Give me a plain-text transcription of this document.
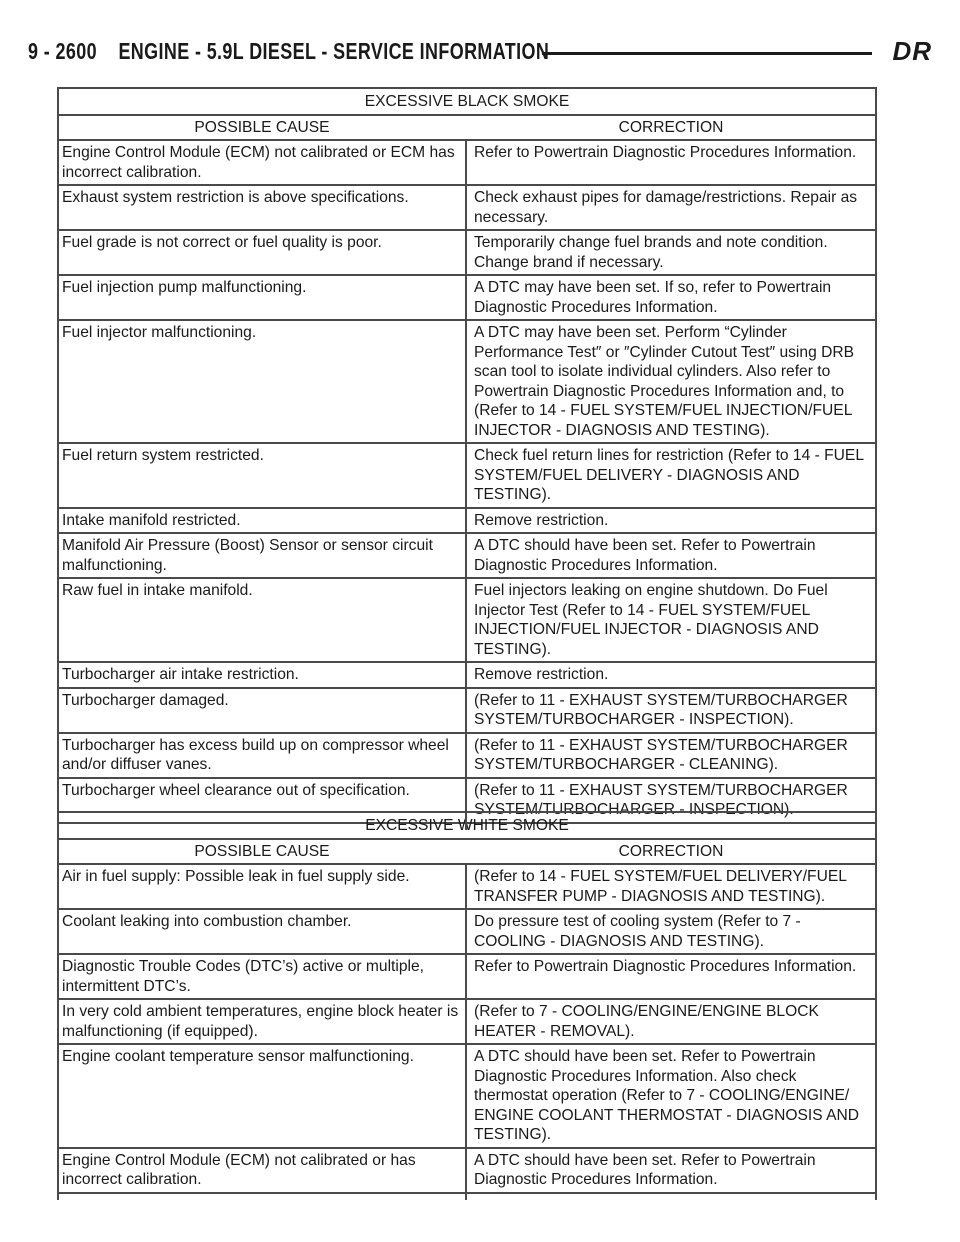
9 - 2600 ENGINE - 5.9L DIESEL - SERVICE INFORMATION	DR
EXCESSIVE BLACK SMOKE	
POSSIBLE CAUSE	CORRECTION
Engine Control Module (ECM) not calibrated or ECM has incorrect calibration.	Refer to Powertrain Diagnostic Procedures Information.
Exhaust system restriction is above specifications.	Check exhaust pipes for damage/restrictions. Repair as necessary.
Fuel grade is not correct or fuel quality is poor.	Temporarily change fuel brands and note condition. Change brand if necessary.
Fuel injection pump malfunctioning.	A DTC may have been set. If so, refer to Powertrain Diagnostic Procedures Information.
Fuel injector malfunctioning.	A DTC may have been set. Perform “Cylinder Performance Test″ or ″Cylinder Cutout Test″ using DRB scan tool to isolate individual cylinders. Also refer to Powertrain Diagnostic Procedures Information and, to (Refer to 14 - FUEL SYSTEM/FUEL INJECTION/FUEL INJECTOR - DIAGNOSIS AND TESTING).
Fuel return system restricted.	Check fuel return lines for restriction (Refer to 14 - FUEL SYSTEM/FUEL DELIVERY - DIAGNOSIS AND TESTING).
Intake manifold restricted.	Remove restriction.
Manifold Air Pressure (Boost) Sensor or sensor circuit malfunctioning.	A DTC should have been set. Refer to Powertrain Diagnostic Procedures Information.
Raw fuel in intake manifold.	Fuel injectors leaking on engine shutdown. Do Fuel Injector Test (Refer to 14 - FUEL SYSTEM/FUEL INJECTION/FUEL INJECTOR - DIAGNOSIS AND TESTING).
Turbocharger air intake restriction.	Remove restriction.
Turbocharger damaged.	(Refer to 11 - EXHAUST SYSTEM/TURBOCHARGER SYSTEM/TURBOCHARGER - INSPECTION).
Turbocharger has excess build up on compressor wheel and/or diffuser vanes.	(Refer to 11 - EXHAUST SYSTEM/TURBOCHARGER SYSTEM/TURBOCHARGER - CLEANING).
Turbocharger wheel clearance out of specification.	(Refer to 11 - EXHAUST SYSTEM/TURBOCHARGER SYSTEM/TURBOCHARGER - INSPECTION).
EXCESSIVE WHITE SMOKE	
POSSIBLE CAUSE	CORRECTION
Air in fuel supply: Possible leak in fuel supply side.	(Refer to 14 - FUEL SYSTEM/FUEL DELIVERY/FUEL TRANSFER PUMP - DIAGNOSIS AND TESTING).
Coolant leaking into combustion chamber.	Do pressure test of cooling system (Refer to 7 - COOLING - DIAGNOSIS AND TESTING).
Diagnostic Trouble Codes (DTC’s) active or multiple, intermittent DTC’s.	Refer to Powertrain Diagnostic Procedures Information.
In very cold ambient temperatures, engine block heater is malfunctioning (if equipped).	(Refer to 7 - COOLING/ENGINE/ENGINE BLOCK HEATER - REMOVAL).
Engine coolant temperature sensor malfunctioning.	A DTC should have been set. Refer to Powertrain Diagnostic Procedures Information. Also check thermostat operation (Refer to 7 - COOLING/ENGINE/ ENGINE COOLANT THERMOSTAT - DIAGNOSIS AND TESTING).
Engine Control Module (ECM) not calibrated or has incorrect calibration.	A DTC should have been set. Refer to Powertrain Diagnostic Procedures Information.
